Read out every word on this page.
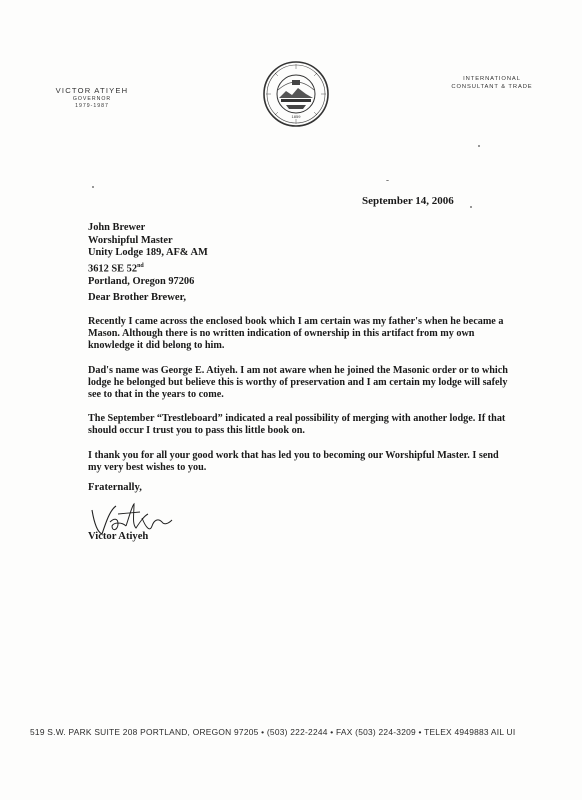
VICTOR ATIYEH
GOVERNOR
1979-1987
1859
INTERNATIONAL
CONSULTANT & TRADE
September 14, 2006
John Brewer
Worshipful Master
Unity Lodge 189, AF& AM
3612 SE 52nd
Portland, Oregon 97206
Dear Brother Brewer,
Recently I came across the enclosed book which I am certain was my father's when he became a Mason. Although there is no written indication of ownership in this artifact from my own knowledge it did belong to him.
Dad's name was George E. Atiyeh. I am not aware when he joined the Masonic order or to which lodge he belonged but believe this is worthy of preservation and I am certain my lodge will safely see to that in the years to come.
The September “Trestleboard” indicated a real possibility of merging with another lodge. If that should occur I trust you to pass this little book on.
I thank you for all your good work that has led you to becoming our Worshipful Master. I send my very best wishes to you.
Fraternally,
Victor Atiyeh
519 S.W. PARK SUITE 208 PORTLAND, OREGON 97205 • (503) 222-2244 • FAX (503) 224-3209 • TELEX 4949883 AIL UI
